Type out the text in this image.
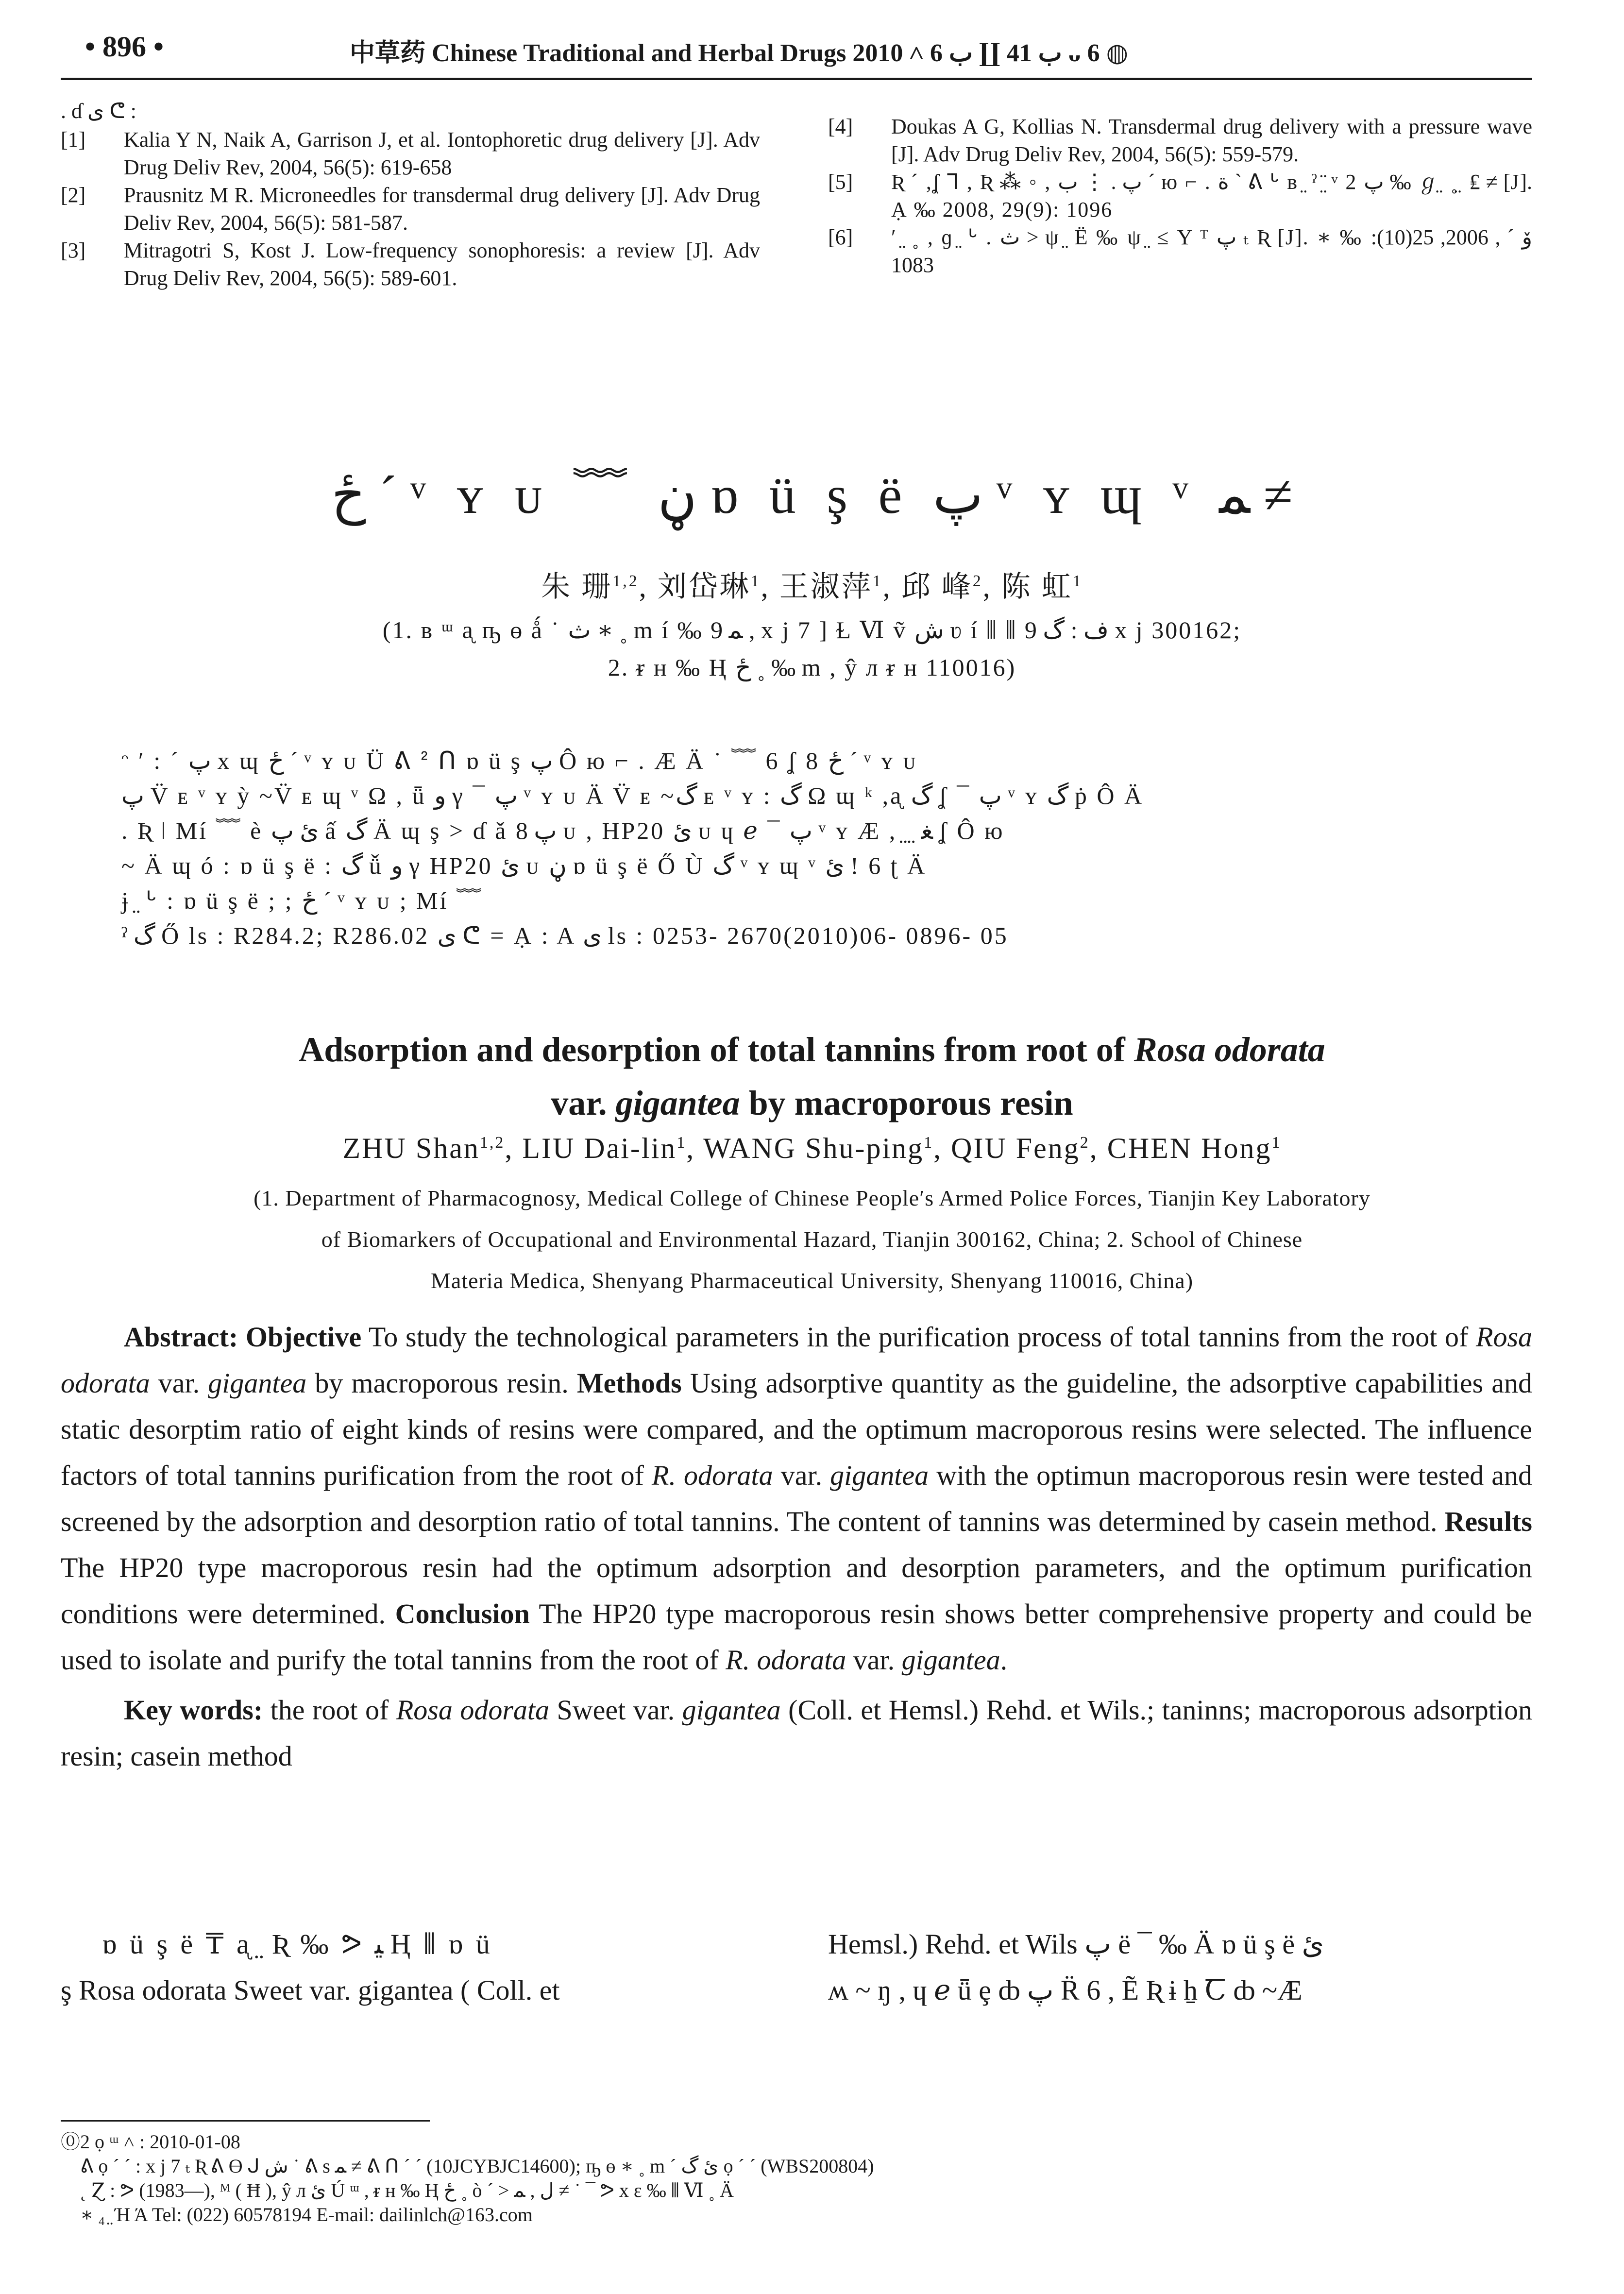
• 896 •	中草药 Chinese Traditional and Herbal Drugs ب 41 ∐ ب 6 ˄ 2010 ᴗ 6 ◍
. ɗ ى ᕦ :
[1] Kalia Y N, Naik A, Garrison J, et al. Iontophoretic drug delivery [J]. Adv Drug Deliv Rev, 2004, 56(5): 619-658
[2] Prausnitz M R. Microneedles for transdermal drug delivery [J]. Adv Drug Deliv Rev, 2004, 56(5): 581-587.
[3] Mitragotri S, Kost J. Low-frequency sonophoresis: a review [J]. Adv Drug Deliv Rev, 2004, 56(5): 589-601.
[4] Doukas A G, Kollias N. Transdermal drug delivery with a pressure wave [J]. Adv Drug Deliv Rev, 2004, 56(5): 559-579.
[5] Ʀ ˊ ,ʆ ⅂ , Ʀ ⁂ ◦ , پ . ⋮ ب ˊ ю ⌐ . ة ` ᕕ ᒡ ʙ ̤ ˀ ̤̈ ᵛ 2 پ ‰ ℊ ̤ ˳ ̤ ₤ ≠ [J]. Ạ ‰ 2008, 29(9): 1096
[6] ʹ ̤ ˳ , ɡ ̤ ᒡ . ث > ψ ̤ Ë ‰ ψ ̤ ≤ Y ᵀ پ ₜ Ʀ [J]. ∗ ‰ ۆ ˊ , 2006, 25(10): 1083
ځ ˊ ᵛ ʏ ᴜ ﹌ ڼ ɒ ü ş ë پ ᵛ ʏ ɰ ᵛ ﻤ ≠
朱 珊$^{1,2}$, 刘岱琳$^1$, 王淑萍$^1$, 邱 峰$^2$, 陈 虹$^1$
(1. ʙ ᵚ ᶏ ҧ ɵ ǻ ˙ ث ∗ ˳ m í ‰ ﻤ 9 , x j 7 ] Ɫ Ⅵ ṽ ش ʋ í ⫴ ⫴ ف : گ 9 x j 300162;
2. ᵲ ʜ ‰ Ⱨ ځ ˳ ‰ m , ŷ л ᵲ ʜ 110016)
ᵔ ʹ : ˊ پ x ɰ ځ ˊ ᵛ ʏ ᴜ Ü ᕕ ᒾ ᑎ ɒ ü ş پ Ô ю ⌐ . Æ Ä ˙ ﹌ 6 ʆ 8 ځ ˊ ᵛ ʏ ᴜ
پ V̈ ᴇ ᵛ ʏ ỳ ~V̈ ᴇ ɰ ᵛ Ω , ǖ و γ ¯ پ ᵛ ʏ ᴜ Ä V̈ ᴇ ~گ ᴇ ᵛ ʏ : گ Ω ɰ ᵏ ,ᶏ گ ʆ ¯ پ ᵛ ʏ گ ṗ Ô Ä
. Ʀ ǀ Mí ﹌ ѐ ئ پ ấ گ Ä ɰ ş > ɗ ǎ پ 8 ᴜ , HP20 ئ ᴜ ɥ ℯ ¯ پ ᵛ ʏ Æ , ̤ ̤ ﻐ ʆ Ô ю
~ Ä ɰ ó : ɒ ü ş ë : گ ǚ و γ HP20 ئ ᴜ ڼ ɒ ü ş ë Ő Ù گ ᵛ ʏ ɰ ᵛ ئ ǃ 6 ʈ Ä
ɉ ̤ ᒡ : ɒ ü ş ë ; ; ځ ˊ ᵛ ʏ ᴜ ; Mí ﹌
ˀ گ Ő ls : R284.2; R286.02 ى ᕦ = Ạ : A ى ls : 0253- 2670(2010)06- 0896- 05
Adsorption and desorption of total tannins from root of Rosa odorata
var. gigantea by macroporous resin
ZHU Shan$^{1,2}$, LIU Dai-lin$^1$, WANG Shu-ping$^1$, QIU Feng$^2$, CHEN Hong$^1$
(1. Department of Pharmacognosy, Medical College of Chinese People′s Armed Police Forces, Tianjin Key Laboratory
of Biomarkers of Occupational and Environmental Hazard, Tianjin 300162, China; 2. School of Chinese
Materia Medica, Shenyang Pharmaceutical University, Shenyang 110016, China)

Abstract: Objective To study the technological parameters in the purification process of total tannins from the root of Rosa odorata var. gigantea by macroporous resin. Methods Using adsorptive quantity as the guideline, the adsorptive capabilities and static desorptim ratio of eight kinds of resins were compared, and the optimum macroporous resins were selected. The influence factors of total tannins purification from the root of R. odorata var. gigantea with the optimun macroporous resin were tested and screened by the adsorption and desorption ratio of total tannins. The content of tannins was determined by casein method. Results The HP20 type macroporous resin had the optimum adsorption and desorption parameters, and the optimum purification conditions were determined. Conclusion The HP20 type macroporous resin shows better comprehensive property and could be used to isolate and purify the total tannins from the root of R. odorata var. gigantea.

Key words: the root of Rosa odorata Sweet var. gigantea (Coll. et Hemsl.) Rehd. et Wils.; taninns; macroporous adsorption resin; casein method

ɒ ü ş ë ₸ ᶏ ̤ Ʀ ‰ ᕗ ﻴ Ⱨ ⫴ ɒ ü
ş Rosa odorata Sweet var. gigantea ( Coll. et
Hemsl.) Rehd. et Wils پ ë ¯ ‰ Ä ɒ ü ş ë ئ
ʍ ~ ŋ , ɥ ℯ ǖ ȩ ȸ پ R̈ 6 , Ẽ Ʀ ɨ ẖ Ꞇ ȸ ~Æ
⓪2 ọ ᵚ ˄ : 2010-01-08
ᕕ ọ ˊ ˊ : x j 7 ₜ Ʀ ᕕ ϴ ᒍ ش ˙ ᕕ s ﻤ ≠ ᕕ ᑎ ˊ ˊ (10JCYBJC14600); ҧ ɵ ∗ ˳ m ˊ ئ گ ọ ˊ ˊ (WBS200804)
˛ Ɀ : ᕗ (1983—), ᴹ ( Ħ ), ŷ л ئ Ú ᵚ , ᵲ ʜ ‰ Ⱨ ځ ˳ ò ˊ > ل , ﻤ ≠ ˙ ¯ ᕗ x ε ‰ ⫴ Ⅵ ˳ Ä
∗ ₄ ̤ Ή Ά Tel: (022) 60578194 E-mail: dailinlch@163.com
